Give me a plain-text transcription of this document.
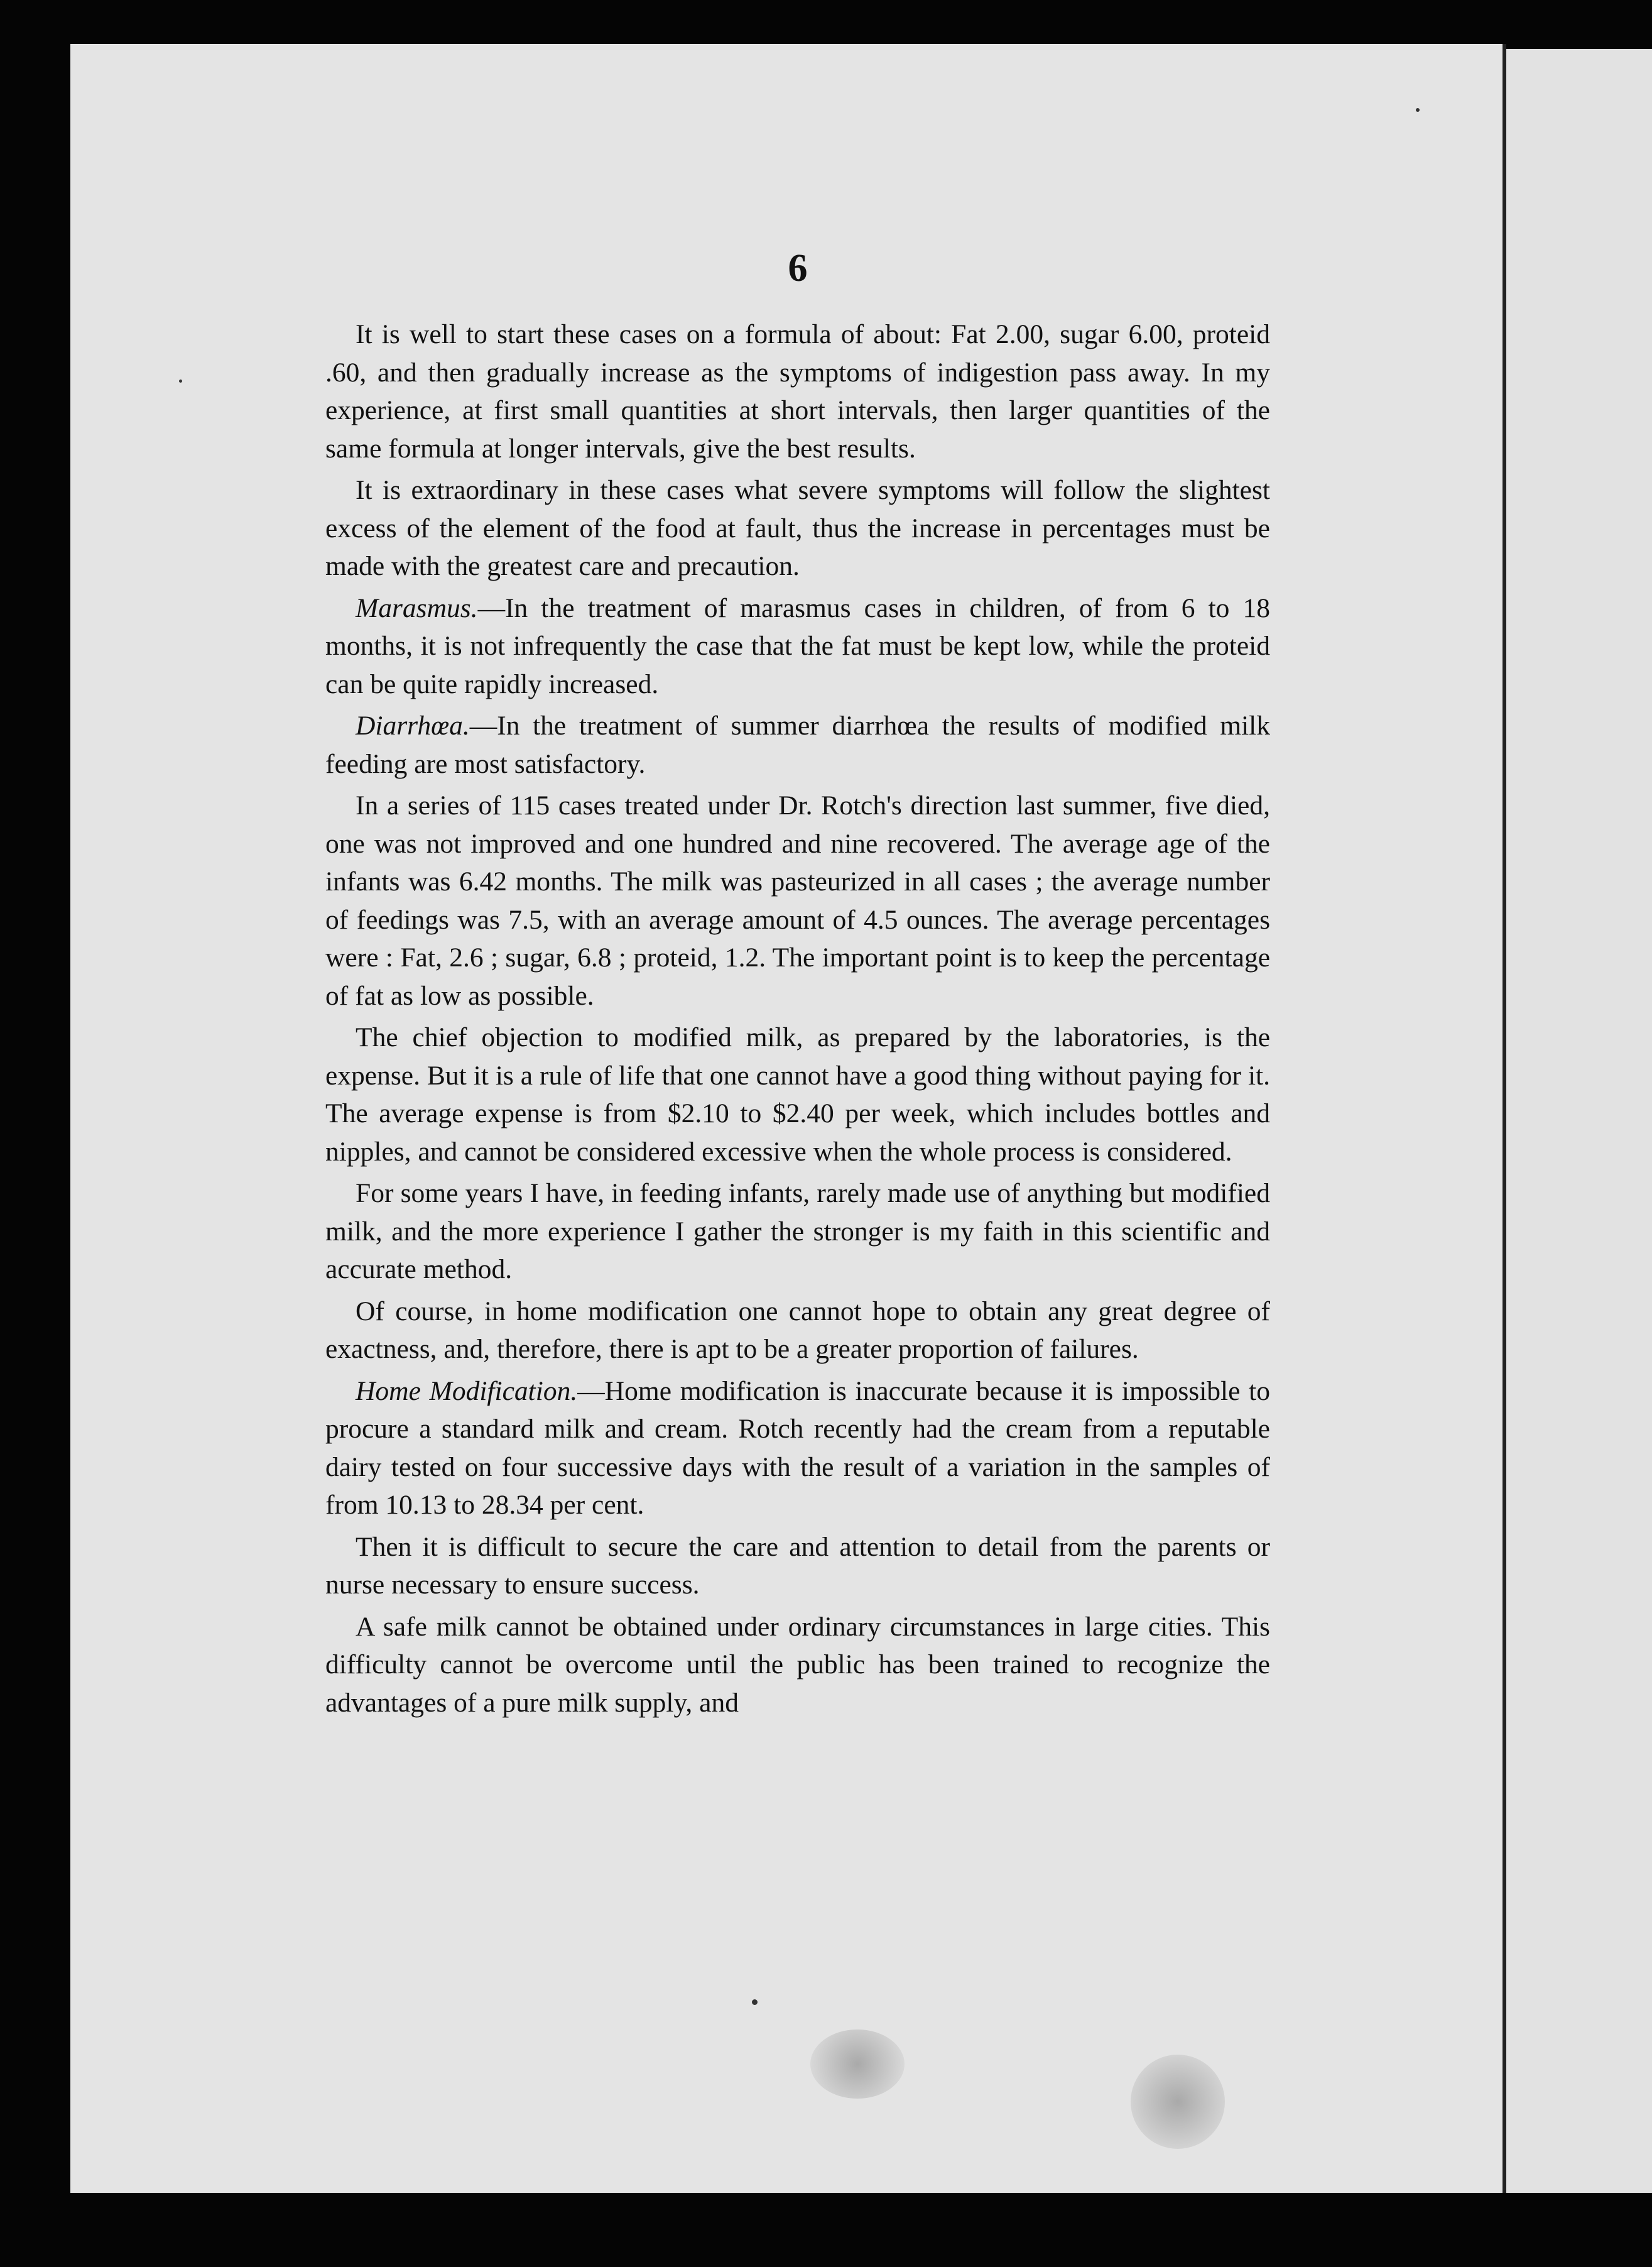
6

It is well to start these cases on a formula of about: Fat 2.00, sugar 6.00, proteid .60, and then gradually increase as the symptoms of indigestion pass away. In my experience, at first small quantities at short intervals, then larger quantities of the same formula at longer intervals, give the best results.

It is extraordinary in these cases what severe symptoms will follow the slightest excess of the element of the food at fault, thus the increase in percentages must be made with the greatest care and precaution.

Marasmus.—In the treatment of marasmus cases in children, of from 6 to 18 months, it is not infrequently the case that the fat must be kept low, while the proteid can be quite rapidly increased.

Diarrhœa.—In the treatment of summer diarrhœa the results of modified milk feeding are most satisfactory.

In a series of 115 cases treated under Dr. Rotch's direction last summer, five died, one was not improved and one hundred and nine recovered. The average age of the infants was 6.42 months. The milk was pasteurized in all cases ; the average number of feedings was 7.5, with an average amount of 4.5 ounces. The average percentages were : Fat, 2.6 ; sugar, 6.8 ; proteid, 1.2. The important point is to keep the percentage of fat as low as possible.

The chief objection to modified milk, as prepared by the laboratories, is the expense. But it is a rule of life that one cannot have a good thing without paying for it. The average expense is from $2.10 to $2.40 per week, which includes bottles and nipples, and cannot be considered excessive when the whole process is considered.

For some years I have, in feeding infants, rarely made use of anything but modified milk, and the more experience I gather the stronger is my faith in this scientific and accurate method.

Of course, in home modification one cannot hope to obtain any great degree of exactness, and, therefore, there is apt to be a greater proportion of failures.

Home Modification.—Home modification is inaccurate because it is impossible to procure a standard milk and cream. Rotch recently had the cream from a reputable dairy tested on four successive days with the result of a variation in the samples of from 10.13 to 28.34 per cent.

Then it is difficult to secure the care and attention to detail from the parents or nurse necessary to ensure success.

A safe milk cannot be obtained under ordinary circumstances in large cities. This difficulty cannot be overcome until the public has been trained to recognize the advantages of a pure milk supply, and
